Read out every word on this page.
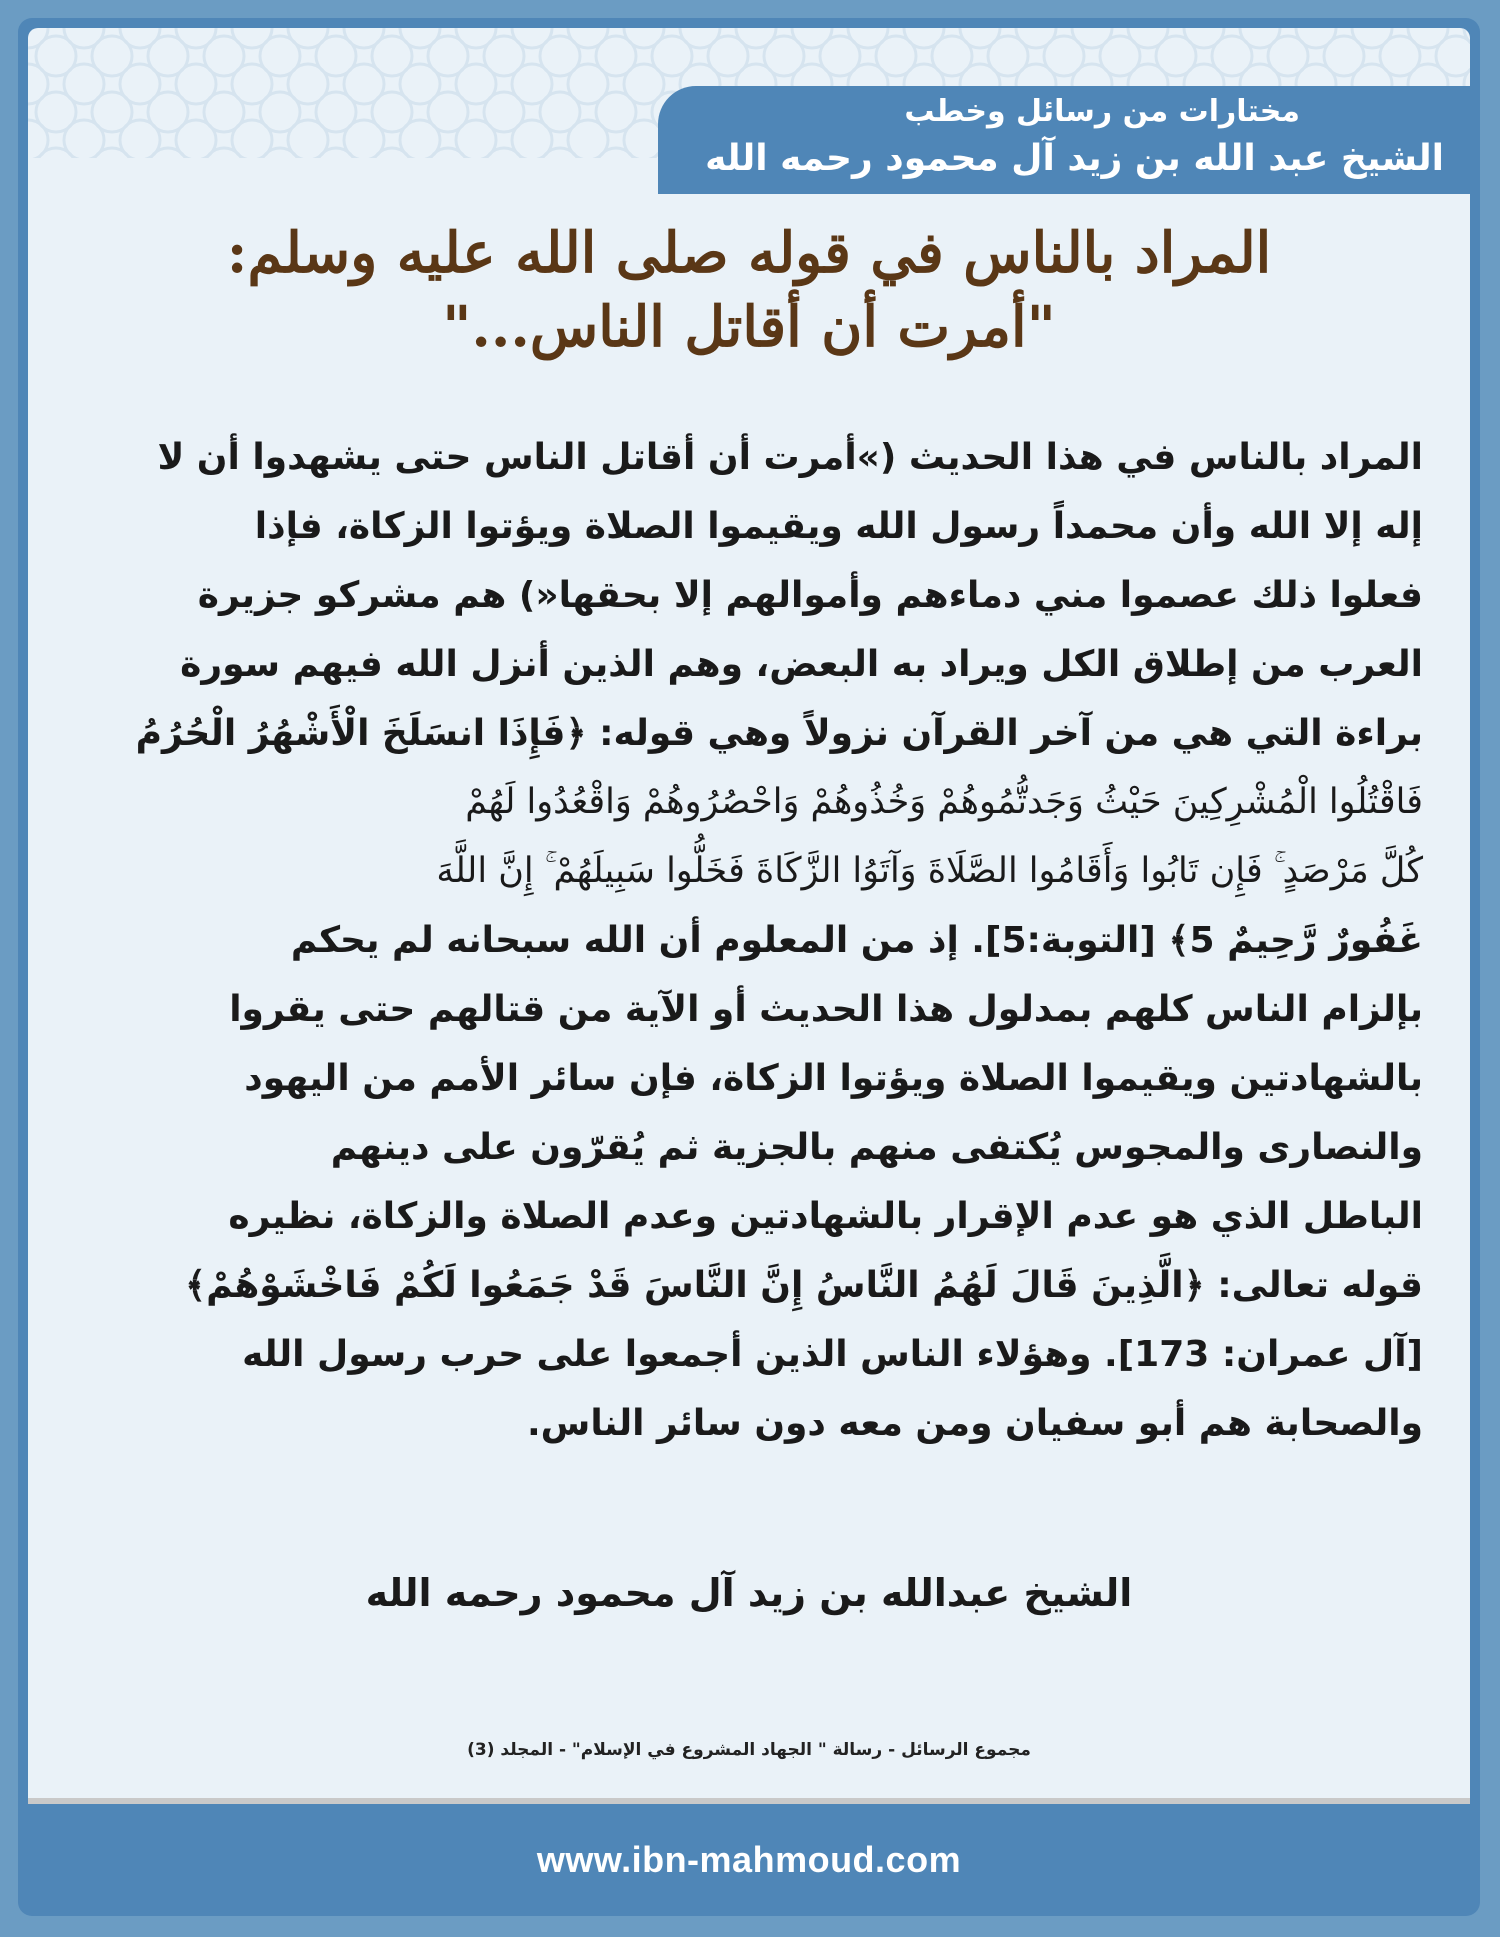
مختارات من رسائل وخطب
الشيخ عبد الله بن زيد آل محمود رحمه الله
المراد بالناس في قوله صلى الله عليه وسلم:
"أمرت أن أقاتل الناس..."
المراد بالناس في هذا الحديث (»أمرت أن أقاتل الناس حتى يشهدوا أن لا
إله إلا الله وأن محمداً رسول الله ويقيموا الصلاة ويؤتوا الزكاة، فإذا
فعلوا ذلك عصموا مني دماءهم وأموالهم إلا بحقها«) هم مشركو جزيرة
العرب من إطلاق الكل ويراد به البعض، وهم الذين أنزل الله فيهم سورة
براءة التي هي من آخر القرآن نزولاً وهي قوله: ﴿فَإِذَا انسَلَخَ الْأَشْهُرُ الْحُرُمُ
فَاقْتُلُوا الْمُشْرِكِينَ حَيْثُ وَجَدتُّمُوهُمْ وَخُذُوهُمْ وَاحْصُرُوهُمْ وَاقْعُدُوا لَهُمْ
كُلَّ مَرْصَدٍ ۚ فَإِن تَابُوا وَأَقَامُوا الصَّلَاةَ وَآتَوُا الزَّكَاةَ فَخَلُّوا سَبِيلَهُمْ ۚ إِنَّ اللَّهَ
غَفُورٌ رَّحِيمٌ 5﴾ [التوبة:5]. إذ من المعلوم أن الله سبحانه لم يحكم
بإلزام الناس كلهم بمدلول هذا الحديث أو الآية من قتالهم حتى يقروا
بالشهادتين ويقيموا الصلاة ويؤتوا الزكاة، فإن سائر الأمم من اليهود
والنصارى والمجوس يُكتفى منهم بالجزية ثم يُقرّون على دينهم
الباطل الذي هو عدم الإقرار بالشهادتين وعدم الصلاة والزكاة، نظيره
قوله تعالى: ﴿الَّذِينَ قَالَ لَهُمُ النَّاسُ إِنَّ النَّاسَ قَدْ جَمَعُوا لَكُمْ فَاخْشَوْهُمْ﴾
[آل عمران: 173]. وهؤلاء الناس الذين أجمعوا على حرب رسول الله
والصحابة هم أبو سفيان ومن معه دون سائر الناس.
الشيخ عبدالله بن زيد آل محمود رحمه الله
مجموع الرسائل - رسالة " الجهاد المشروع في الإسلام" - المجلد (3)
www.ibn-mahmoud.com
